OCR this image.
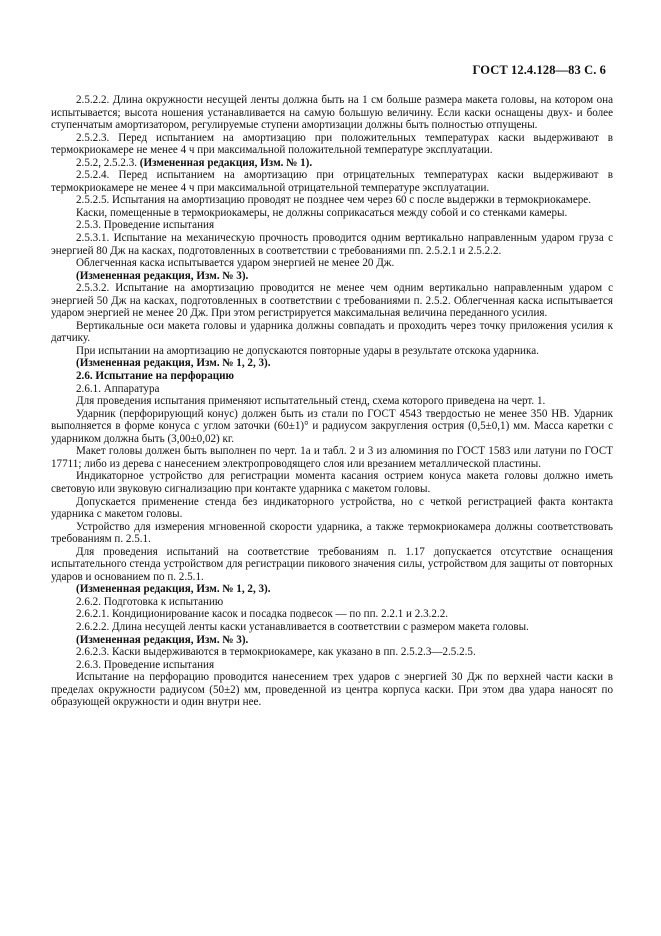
ГОСТ 12.4.128—83 С. 6

2.5.2.2. Длина окружности несущей ленты должна быть на 1 см больше размера макета головы, на котором она испытывается; высота ношения устанавливается на самую большую величину. Если каски оснащены двух- и более ступенчатым амортизатором, регулируемые ступени амортизации должны быть полностью отпущены.

2.5.2.3. Перед испытанием на амортизацию при положительных температурах каски выдерживают в термокриокамере не менее 4 ч при максимальной положительной температуре эксплуатации.

2.5.2, 2.5.2.3. (Измененная редакция, Изм. № 1).

2.5.2.4. Перед испытанием на амортизацию при отрицательных температурах каски выдерживают в термокриокамере не менее 4 ч при максимальной отрицательной температуре эксплуатации.

2.5.2.5. Испытания на амортизацию проводят не позднее чем через 60 с после выдержки в термокриокамере.

Каски, помещенные в термокриокамеры, не должны соприкасаться между собой и со стенками камеры.

2.5.3. Проведение испытания

2.5.3.1. Испытание на механическую прочность проводится одним вертикально направленным ударом груза с энергией 80 Дж на касках, подготовленных в соответствии с требованиями пп. 2.5.2.1 и 2.5.2.2.

Облегченная каска испытывается ударом энергией не менее 20 Дж.

(Измененная редакция, Изм. № 3).

2.5.3.2. Испытание на амортизацию проводится не менее чем одним вертикально направленным ударом с энергией 50 Дж на касках, подготовленных в соответствии с требованиями п. 2.5.2. Облегченная каска испытывается ударом энергией не менее 20 Дж. При этом регистрируется максимальная величина переданного усилия.

Вертикальные оси макета головы и ударника должны совпадать и проходить через точку приложения усилия к датчику.

При испытании на амортизацию не допускаются повторные удары в результате отскока ударника.

(Измененная редакция, Изм. № 1, 2, 3).

2.6. Испытание на перфорацию

2.6.1. Аппаратура

Для проведения испытания применяют испытательный стенд, схема которого приведена на черт. 1.

Ударник (перфорирующий конус) должен быть из стали по ГОСТ 4543 твердостью не менее 350 НВ. Ударник выполняется в форме конуса с углом заточки (60±1)° и радиусом закругления острия (0,5±0,1) мм. Масса каретки с ударником должна быть (3,00±0,02) кг.

Макет головы должен быть выполнен по черт. 1а и табл. 2 и 3 из алюминия по ГОСТ 1583 или латуни по ГОСТ 17711; либо из дерева с нанесением электропроводящего слоя или врезанием металлической пластины.

Индикаторное устройство для регистрации момента касания острием конуса макета головы должно иметь световую или звуковую сигнализацию при контакте ударника с макетом головы.

Допускается применение стенда без индикаторного устройства, но с четкой регистрацией факта контакта ударника с макетом головы.

Устройство для измерения мгновенной скорости ударника, а также термокриокамера должны соответствовать требованиям п. 2.5.1.

Для проведения испытаний на соответствие требованиям п. 1.17 допускается отсутствие оснащения испытательного стенда устройством для регистрации пикового значения силы, устройством для защиты от повторных ударов и основанием по п. 2.5.1.

(Измененная редакция, Изм. № 1, 2, 3).

2.6.2. Подготовка к испытанию

2.6.2.1. Кондиционирование касок и посадка подвесок — по пп. 2.2.1 и 2.3.2.2.

2.6.2.2. Длина несущей ленты каски устанавливается в соответствии с размером макета головы.

(Измененная редакция, Изм. № 3).

2.6.2.3. Каски выдерживаются в термокриокамере, как указано в пп. 2.5.2.3—2.5.2.5.

2.6.3. Проведение испытания

Испытание на перфорацию проводится нанесением трех ударов с энергией 30 Дж по верхней части каски в пределах окружности радиусом (50±2) мм, проведенной из центра корпуса каски. При этом два удара наносят по образующей окружности и один внутри нее.
